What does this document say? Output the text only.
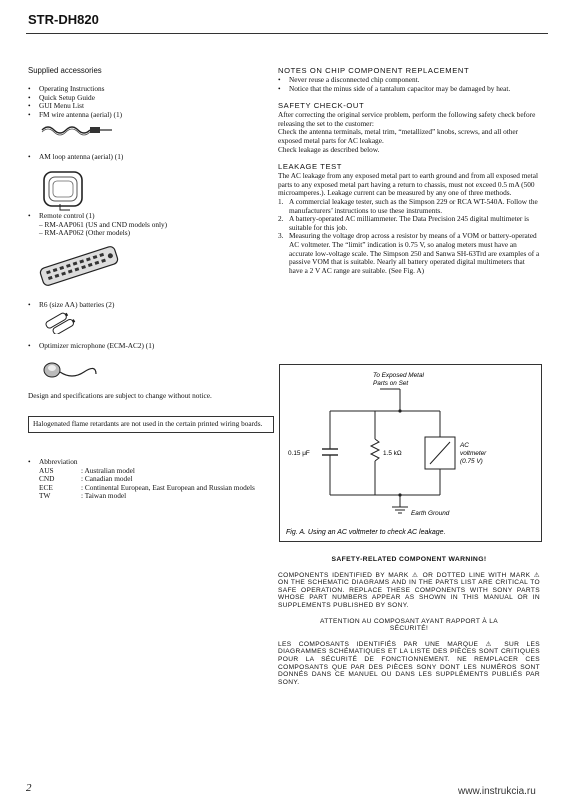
STR-DH820
Supplied accessories
• Operating Instructions
• Quick Setup Guide
• GUI Menu List
• FM wire antenna (aerial) (1)
• AM loop antenna (aerial) (1)
• Remote control (1)
– RM-AAP061 (US and CND models only)
– RM-AAP062 (Other models)
• R6 (size AA) batteries (2)
• Optimizer microphone (ECM-AC2) (1)
Design and specifications are subject to change without notice.
Halogenated flame retardants are not used in the certain printed wiring boards.
• Abbreviation
AUS	: Australian model
CND	: Canadian model
ECE	: Continental European, East European and Russian models
TW	: Taiwan model
NOTES ON CHIP COMPONENT REPLACEMENT
• Never reuse a disconnected chip component.
• Notice that the minus side of a tantalum capacitor may be damaged by heat.
SAFETY CHECK-OUT
After correcting the original service problem, perform the following safety check before releasing the set to the customer:
Check the antenna terminals, metal trim, “metallized” knobs, screws, and all other exposed metal parts for AC leakage.
Check leakage as described below.
LEAKAGE TEST
The AC leakage from any exposed metal part to earth ground and from all exposed metal parts to any exposed metal part having a return to chassis, must not exceed 0.5 mA (500 microamperes.). Leakage current can be measured by any one of three methods.
1. A commercial leakage tester, such as the Simpson 229 or RCA WT-540A. Follow the manufacturers’ instructions to use these instruments.
2. A battery-operated AC milliammeter. The Data Precision 245 digital multimeter is suitable for this job.
3. Measuring the voltage drop across a resistor by means of a VOM or battery-operated AC voltmeter. The “limit” indication is 0.75 V, so analog meters must have an accurate low-voltage scale. The Simpson 250 and Sanwa SH-63Trd are examples of a passive VOM that is suitable. Nearly all battery operated digital multimeters that have a 2 V AC range are suitable. (See Fig. A)
To Exposed Metal
Parts on Set
0.15 μF	1.5 kΩ
AC
voltmeter
(0.75 V)
Earth Ground
Fig. A. Using an AC voltmeter to check AC leakage.
SAFETY-RELATED COMPONENT WARNING!
COMPONENTS IDENTIFIED BY MARK ⚠ OR DOTTED LINE WITH MARK ⚠ ON THE SCHEMATIC DIAGRAMS AND IN THE PARTS LIST ARE CRITICAL TO SAFE OPERATION. REPLACE THESE COMPONENTS WITH SONY PARTS WHOSE PART NUMBERS APPEAR AS SHOWN IN THIS MANUAL OR IN SUPPLEMENTS PUBLISHED BY SONY.
ATTENTION AU COMPOSANT AYANT RAPPORT À LA SÉCURITÉ!
LES COMPOSANTS IDENTIFIÉS PAR UNE MARQUE ⚠ SUR LES DIAGRAMMES SCHÉMATIQUES ET LA LISTE DES PIÈCES SONT CRITIQUES POUR LA SÉCURITÉ DE FONCTIONNEMENT. NE REMPLACER CES COMPOSANTS QUE PAR DES PIÈCES SONY DONT LES NUMÉROS SONT DONNÉS DANS CE MANUEL OU DANS LES SUPPLÉMENTS PUBLIÉS PAR SONY.
2	www.instrukcia.ru
